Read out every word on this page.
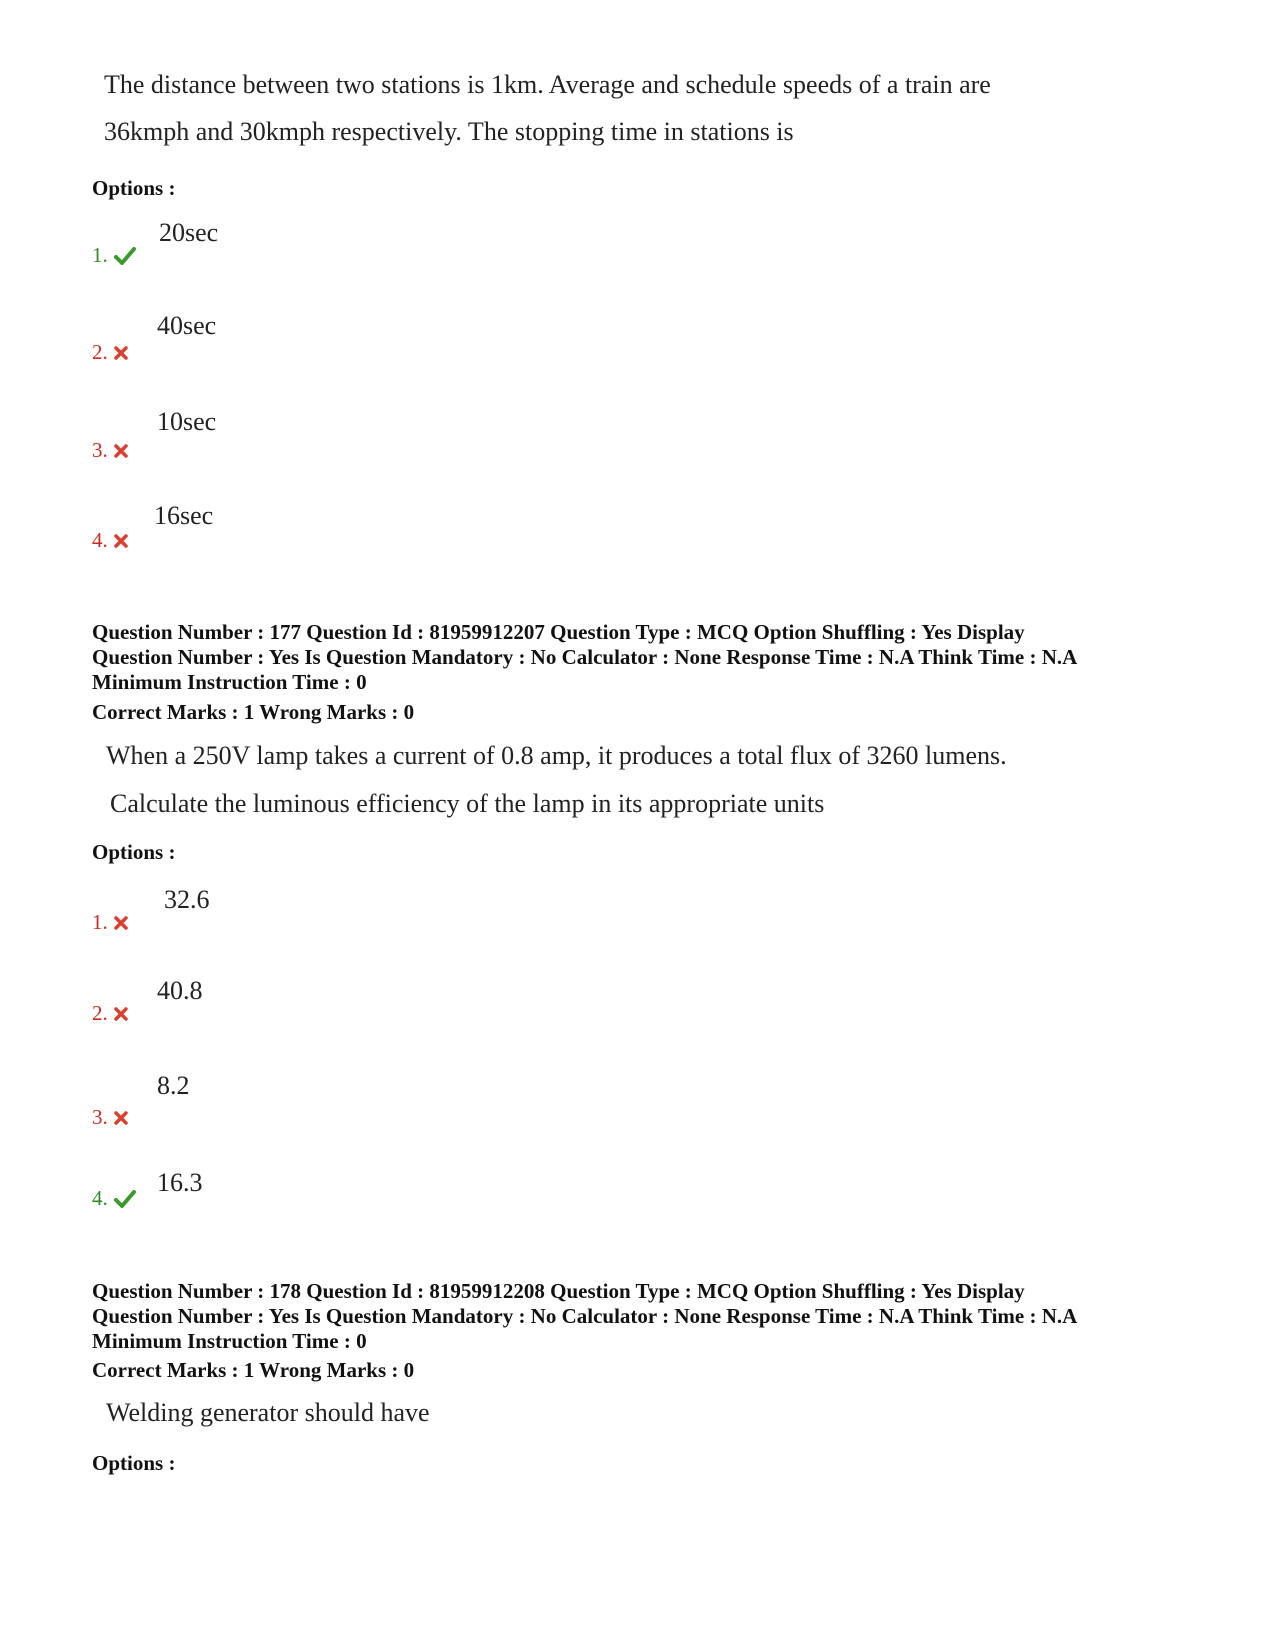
The distance between two stations is 1km. Average and schedule speeds of a train are
36kmph and 30kmph respectively. The stopping time in stations is
Options :
1.
20sec
2.
40sec
3.
10sec
4.
16sec
Question Number : 177 Question Id : 81959912207 Question Type : MCQ Option Shuffling : Yes Display
Question Number : Yes Is Question Mandatory : No Calculator : None Response Time : N.A Think Time : N.A
Minimum Instruction Time : 0
Correct Marks : 1 Wrong Marks : 0
When a 250V lamp takes a current of 0.8 amp, it produces a total flux of 3260 lumens.
Calculate the luminous efficiency of the lamp in its appropriate units
Options :
1.
32.6
2.
40.8
3.
8.2
4.
16.3
Question Number : 178 Question Id : 81959912208 Question Type : MCQ Option Shuffling : Yes Display
Question Number : Yes Is Question Mandatory : No Calculator : None Response Time : N.A Think Time : N.A
Minimum Instruction Time : 0
Correct Marks : 1 Wrong Marks : 0
Welding generator should have
Options :
